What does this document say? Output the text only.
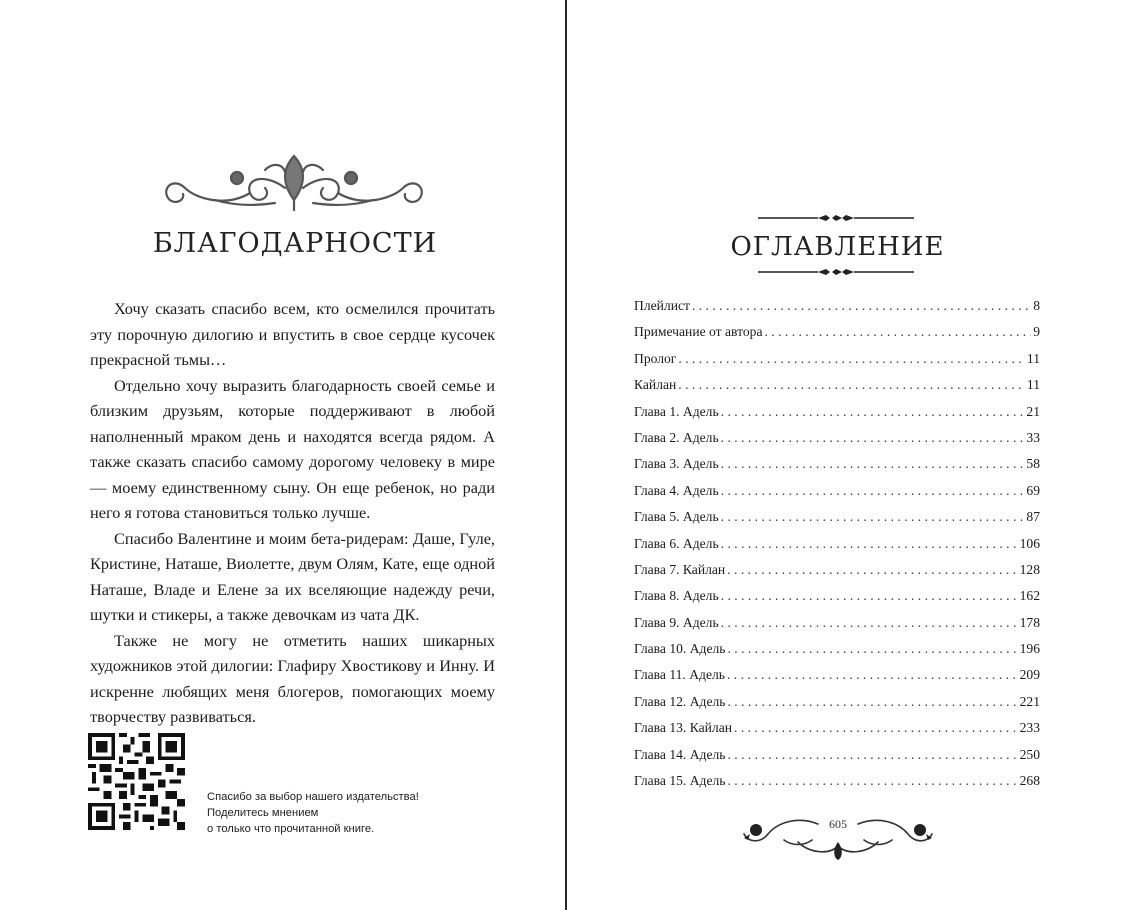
БЛАГОДАРНОСТИ

Хочу сказать спасибо всем, кто осмелился прочитать эту порочную дилогию и впустить в свое сердце кусочек прекрасной тьмы…

Отдельно хочу выразить благодарность своей семье и близким друзьям, которые поддерживают в любой наполненный мраком день и находятся всегда рядом. А также сказать спасибо самому дорогому человеку в мире — моему единственному сыну. Он еще ребенок, но ради него я готова становиться только лучше.

Спасибо Валентине и моим бета-ридерам: Даше, Гуле, Кристине, Наташе, Виолетте, двум Олям, Кате, еще одной Наташе, Владе и Елене за их вселяющие надежду речи, шутки и стикеры, а также девочкам из чата ДК.

Также не могу не отметить наших шикарных художников этой дилогии: Глафиру Хвостикову и Инну. И искренне любящих меня блогеров, помогающих моему творчеству развиваться.

Спасибо за выбор нашего издательства!
Поделитесь мнением
о только что прочитанной книге.
ОГЛАВЛЕНИЕ
Плейлист . . .	8
Примечание от автора . . .	9
Пролог . . .	11
Кайлан . . .	11
Глава 1. Адель . . .	21
Глава 2. Адель . . .	33
Глава 3. Адель . . .	58
Глава 4. Адель . . .	69
Глава 5. Адель . . .	87
Глава 6. Адель . . .	106
Глава 7. Кайлан . . .	128
Глава 8. Адель . . .	162
Глава 9. Адель . . .	178
Глава 10. Адель . . .	196
Глава 11. Адель . . .	209
Глава 12. Адель . . .	221
Глава 13. Кайлан . . .	233
Глава 14. Адель . . .	250
Глава 15. Адель . . .	268
605
